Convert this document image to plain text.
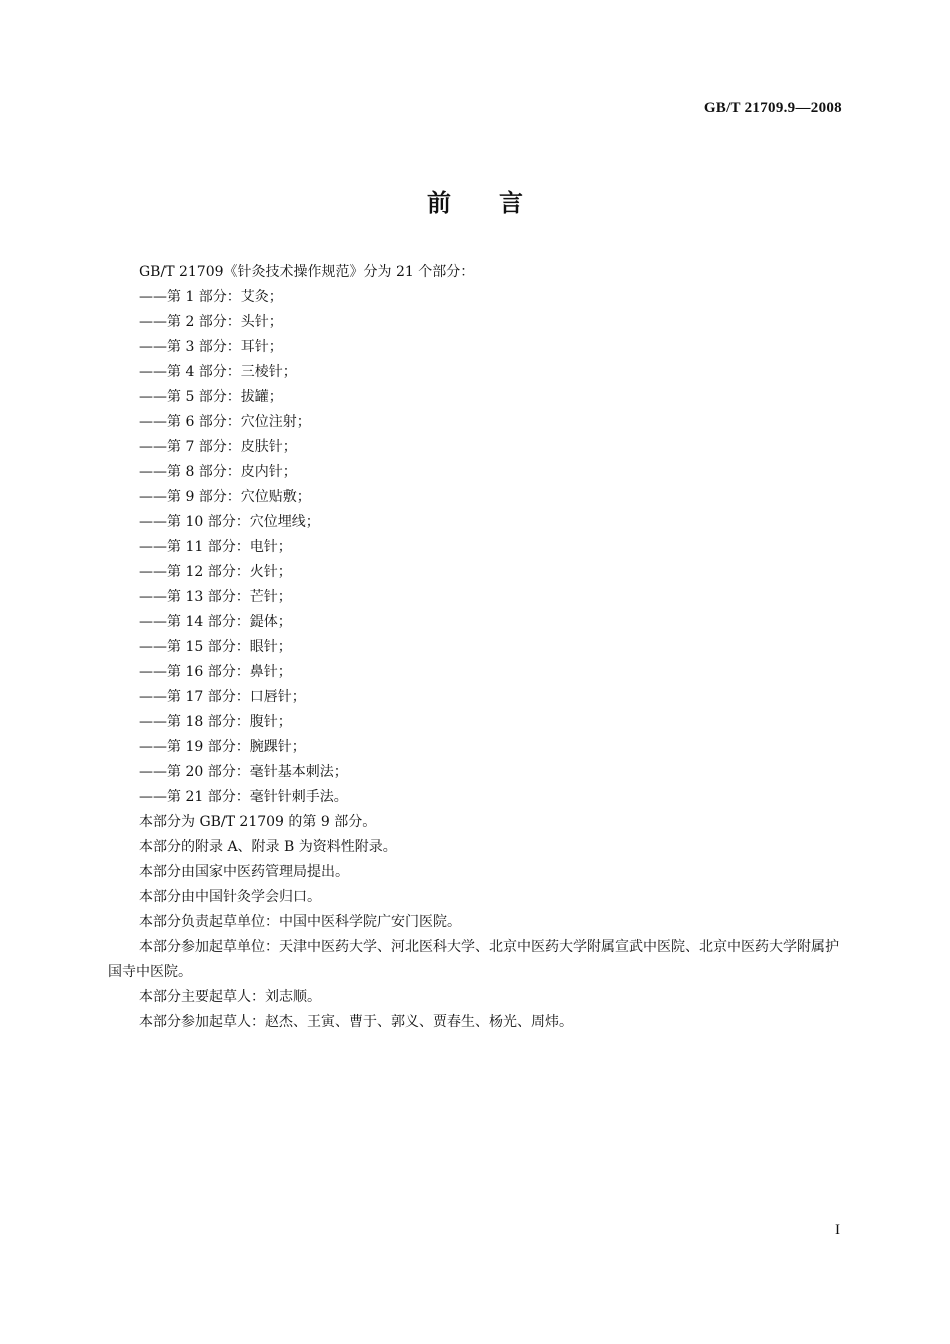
GB/T 21709.9—2008
前言

GB/T 21709《针灸技术操作规范》分为 21 个部分：

——第 1 部分：艾灸；

——第 2 部分：头针；

——第 3 部分：耳针；

——第 4 部分：三棱针；

——第 5 部分：拔罐；

——第 6 部分：穴位注射；

——第 7 部分：皮肤针；

——第 8 部分：皮内针；

——第 9 部分：穴位贴敷；

——第 10 部分：穴位埋线；

——第 11 部分：电针；

——第 12 部分：火针；

——第 13 部分：芒针；

——第 14 部分：鍉体；

——第 15 部分：眼针；

——第 16 部分：鼻针；

——第 17 部分：口唇针；

——第 18 部分：腹针；

——第 19 部分：腕踝针；

——第 20 部分：毫针基本刺法；

——第 21 部分：毫针针刺手法。

本部分为 GB/T 21709 的第 9 部分。

本部分的附录 A、附录 B 为资料性附录。

本部分由国家中医药管理局提出。

本部分由中国针灸学会归口。

本部分负责起草单位：中国中医科学院广安门医院。

本部分参加起草单位：天津中医药大学、河北医科大学、北京中医药大学附属宣武中医院、北京中医药大学附属护国寺中医院。

本部分主要起草人：刘志顺。

本部分参加起草人：赵杰、王寅、曹于、郭义、贾春生、杨光、周炜。

I
